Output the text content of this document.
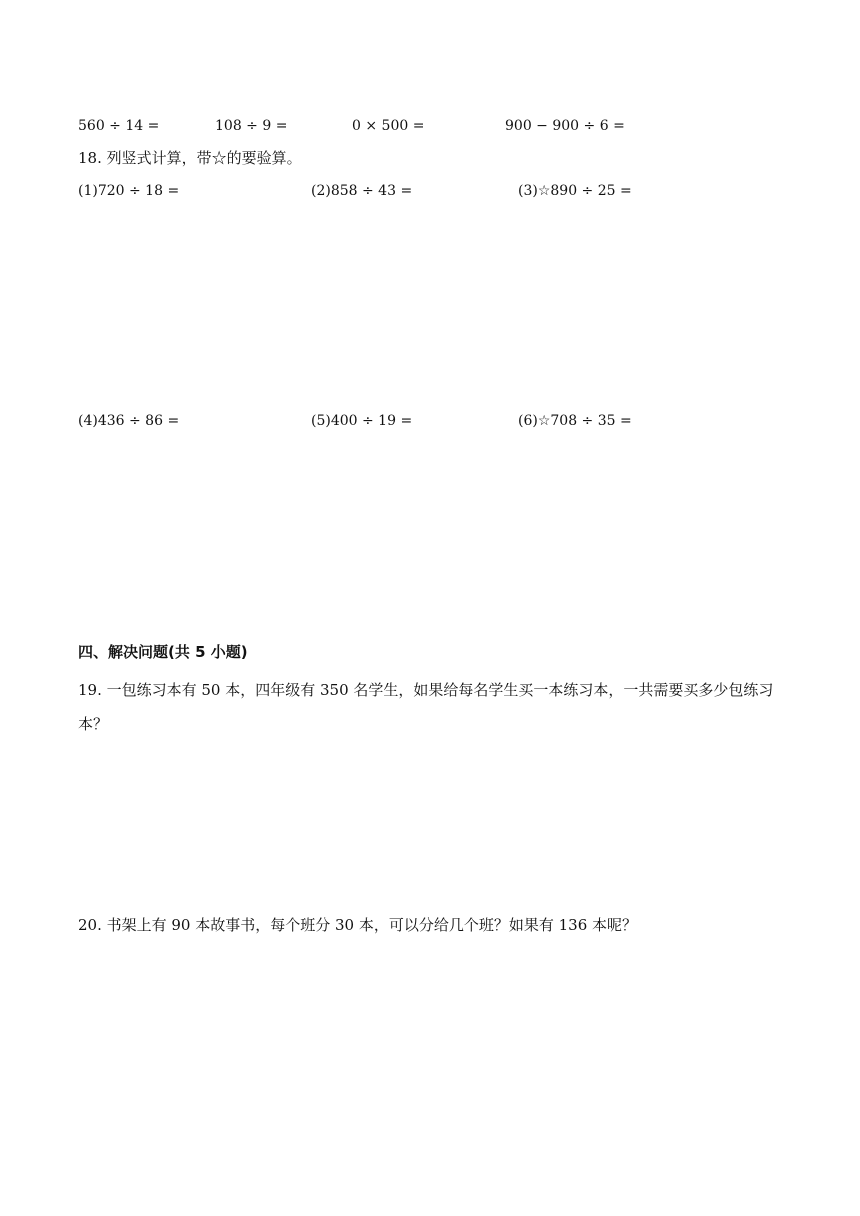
560 ÷ 14 =	108 ÷ 9 =	0 × 500 =	900 − 900 ÷ 6 =
18. 列竖式计算，带☆的要验算。
(1)720 ÷ 18 =	(2)858 ÷ 43 =	(3)☆890 ÷ 25 =
(4)436 ÷ 86 =	(5)400 ÷ 19 =	(6)☆708 ÷ 35 =
四、解决问题(共 5 小题)
19. 一包练习本有 50 本，四年级有 350 名学生，如果给每名学生买一本练习本，一共需要买多少包练习本？
20. 书架上有 90 本故事书，每个班分 30 本，可以分给几个班？如果有 136 本呢？
